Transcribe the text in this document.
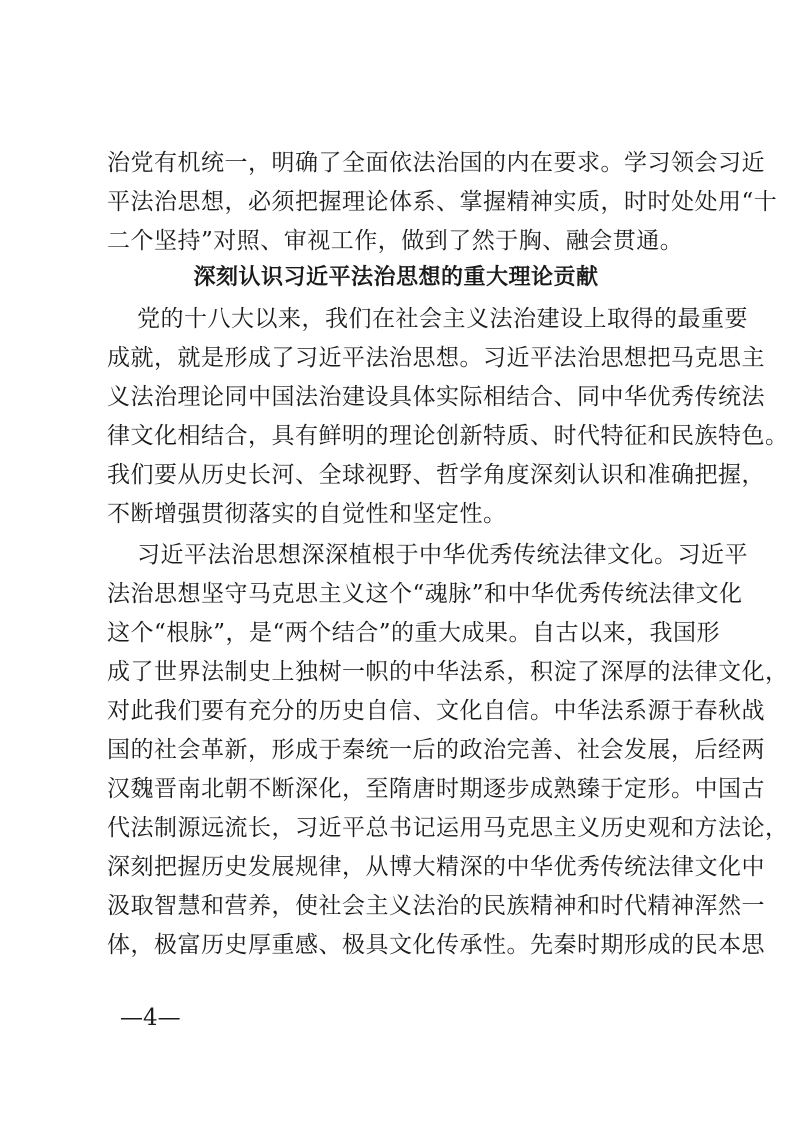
治党有机统一，明确了全面依法治国的内在要求。学习领会习近
平法治思想，必须把握理论体系、掌握精神实质，时时处处用“十
二个坚持”对照、审视工作，做到了然于胸、融会贯通。
深刻认识习近平法治思想的重大理论贡献
党的十八大以来，我们在社会主义法治建设上取得的最重要
成就，就是形成了习近平法治思想。习近平法治思想把马克思主
义法治理论同中国法治建设具体实际相结合、同中华优秀传统法
律文化相结合，具有鲜明的理论创新特质、时代特征和民族特色。
我们要从历史长河、全球视野、哲学角度深刻认识和准确把握，
不断增强贯彻落实的自觉性和坚定性。
习近平法治思想深深植根于中华优秀传统法律文化。习近平
法治思想坚守马克思主义这个“魂脉”和中华优秀传统法律文化
这个“根脉”，是“两个结合”的重大成果。自古以来，我国形
成了世界法制史上独树一帜的中华法系，积淀了深厚的法律文化，
对此我们要有充分的历史自信、文化自信。中华法系源于春秋战
国的社会革新，形成于秦统一后的政治完善、社会发展，后经两
汉魏晋南北朝不断深化，至隋唐时期逐步成熟臻于定形。中国古
代法制源远流长，习近平总书记运用马克思主义历史观和方法论，
深刻把握历史发展规律，从博大精深的中华优秀传统法律文化中
汲取智慧和营养，使社会主义法治的民族精神和时代精神浑然一
体，极富历史厚重感、极具文化传承性。先秦时期形成的民本思
—4—
